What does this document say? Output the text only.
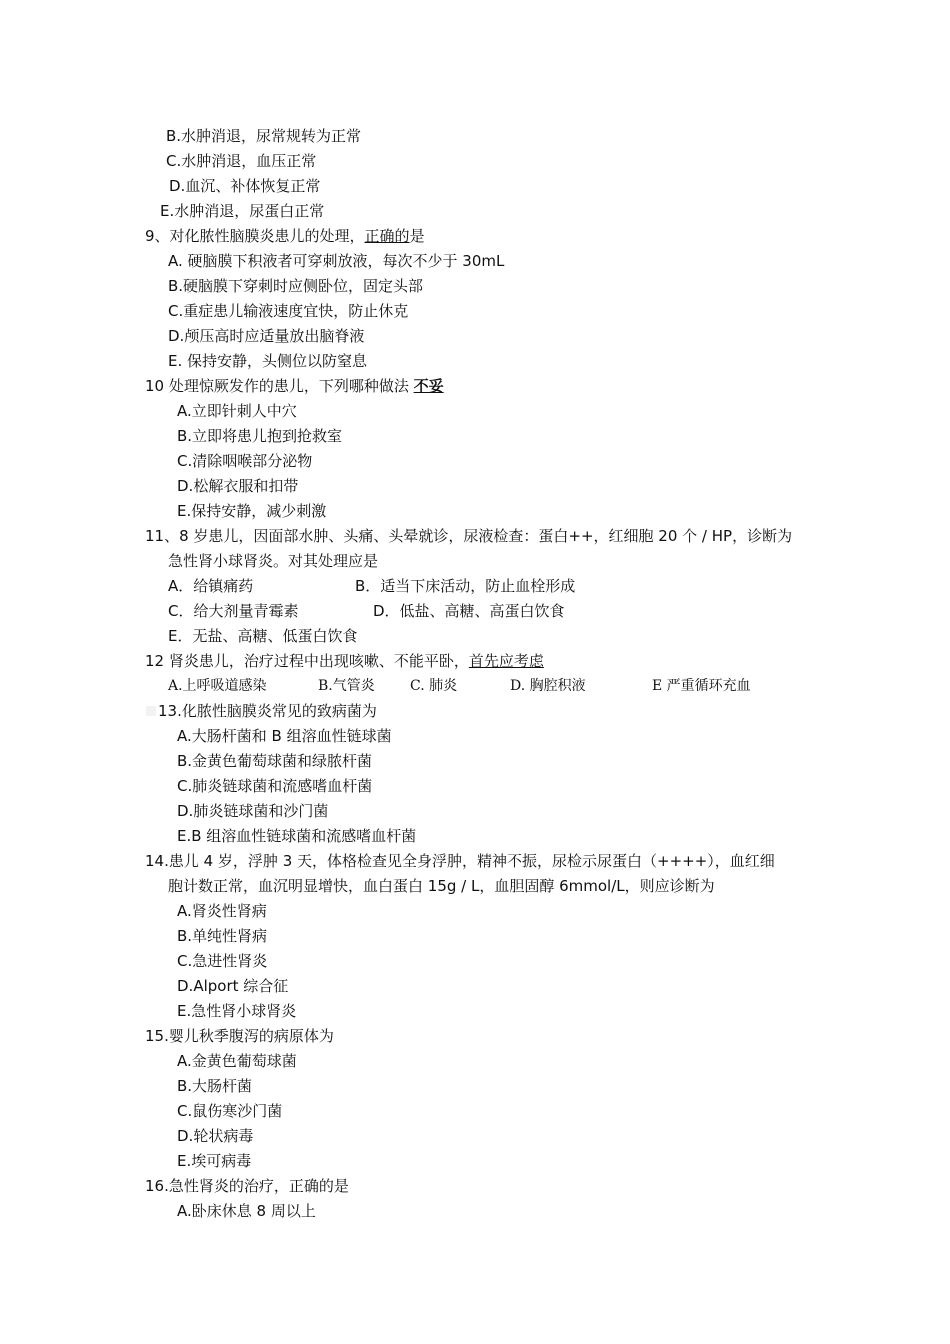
B.水肿消退，尿常规转为正常
C.水肿消退，血压正常
D.血沉、补体恢复正常
E.水肿消退，尿蛋白正常
9、对化脓性脑膜炎患儿的处理，正确的是
A. 硬脑膜下积液者可穿刺放液，每次不少于 30mL
B.硬脑膜下穿刺时应侧卧位，固定头部
C.重症患儿输液速度宜快，防止休克
D.颅压高时应适量放出脑脊液
E. 保持安静，头侧位以防窒息
10 处理惊厥发作的患儿，下列哪种做法 不妥
A.立即针刺人中穴
B.立即将患儿抱到抢救室
C.清除咽喉部分泌物
D.松解衣服和扣带
E.保持安静，减少刺激
11、8 岁患儿，因面部水肿、头痛、头晕就诊，尿液检查：蛋白++，红细胞 20 个 / HP，诊断为
急性肾小球肾炎。对其处理应是
A．给镇痛药	B．适当下床活动，防止血栓形成
C．给大剂量青霉素	D．低盐、高糖、高蛋白饮食
E．无盐、高糖、低蛋白饮食
12 肾炎患儿，治疗过程中出现咳嗽、不能平卧，首先应考虑
A.上呼吸道感染	B.气管炎	C. 肺炎	D. 胸腔积液	E 严重循环充血
13.化脓性脑膜炎常见的致病菌为
A.大肠杆菌和 B 组溶血性链球菌
B.金黄色葡萄球菌和绿脓杆菌
C.肺炎链球菌和流感嗜血杆菌
D.肺炎链球菌和沙门菌
E.B 组溶血性链球菌和流感嗜血杆菌
14.患儿 4 岁，浮肿 3 天，体格检查见全身浮肿，精神不振，尿检示尿蛋白（++++），血红细
胞计数正常，血沉明显增快，血白蛋白 15g / L，血胆固醇 6mmol/L，则应诊断为
A.肾炎性肾病
B.单纯性肾病
C.急进性肾炎
D.Alport 综合征
E.急性肾小球肾炎
15.婴儿秋季腹泻的病原体为
A.金黄色葡萄球菌
B.大肠杆菌
C.鼠伤寒沙门菌
D.轮状病毒
E.埃可病毒
16.急性肾炎的治疗，正确的是
A.卧床休息 8 周以上
